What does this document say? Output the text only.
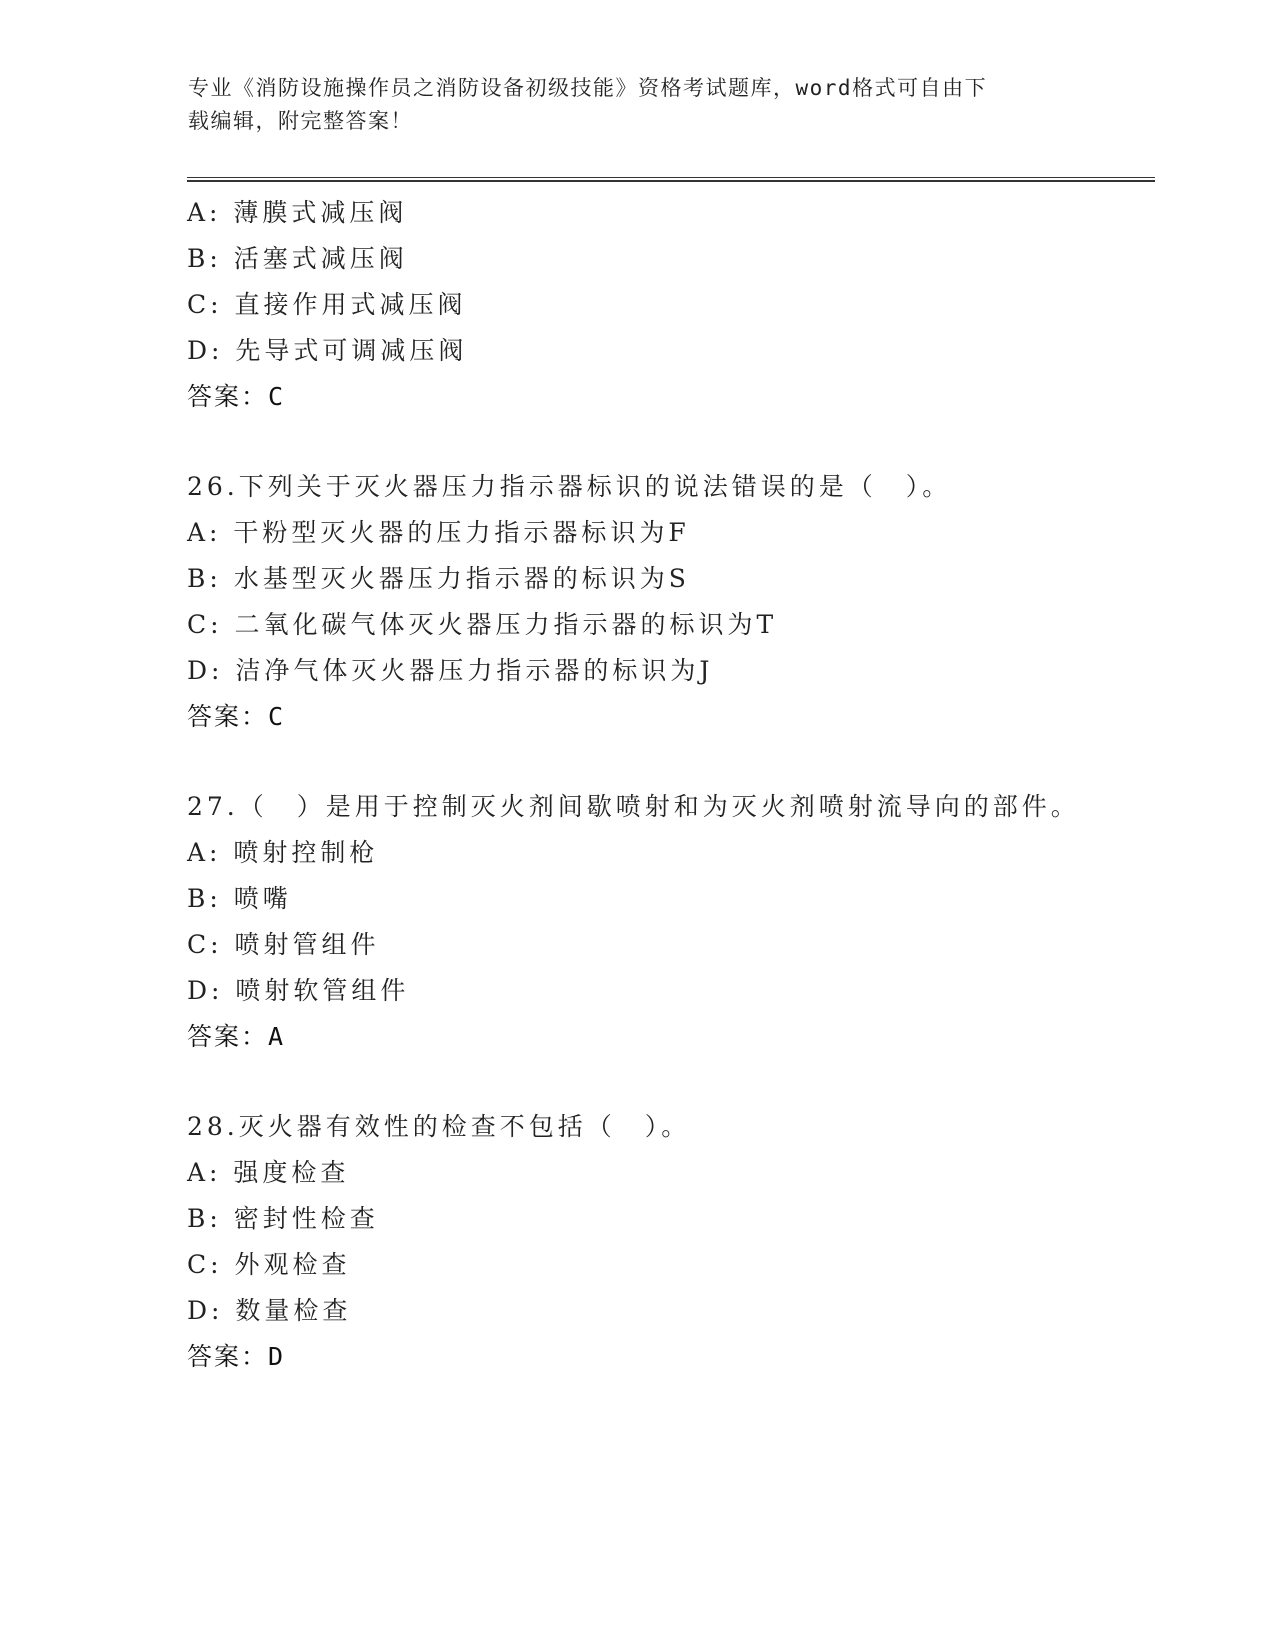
专业《消防设施操作员之消防设备初级技能》资格考试题库，word格式可自由下
载编辑，附完整答案！
A: 薄膜式减压阀
B: 活塞式减压阀
C: 直接作用式减压阀
D: 先导式可调减压阀
答案：C
26.下列关于灭火器压力指示器标识的说法错误的是（　）。
A: 干粉型灭火器的压力指示器标识为F
B: 水基型灭火器压力指示器的标识为S
C: 二氧化碳气体灭火器压力指示器的标识为T
D: 洁净气体灭火器压力指示器的标识为J
答案：C
27.（　）是用于控制灭火剂间歇喷射和为灭火剂喷射流导向的部件。
A: 喷射控制枪
B: 喷嘴
C: 喷射管组件
D: 喷射软管组件
答案：A
28.灭火器有效性的检查不包括（　）。
A: 强度检查
B: 密封性检查
C: 外观检查
D: 数量检查
答案：D
